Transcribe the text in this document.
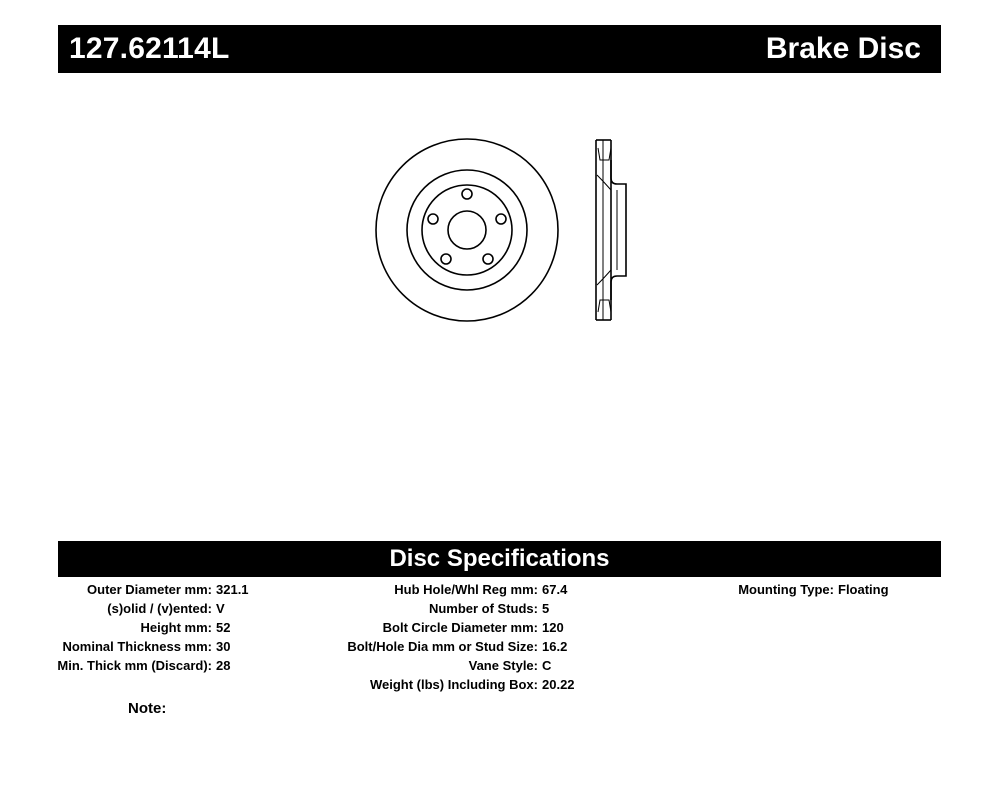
127.62114L	Brake Disc
Disc Specifications
Outer Diameter mm: 321.1
(s)olid / (v)ented: V
Height mm: 52
Nominal Thickness mm: 30
Min. Thick mm (Discard): 28
Hub Hole/Whl Reg mm: 67.4
Number of Studs: 5
Bolt Circle Diameter mm: 120
Bolt/Hole Dia mm or Stud Size: 16.2
Vane Style: C
Weight (lbs) Including Box: 20.22
Mounting Type: Floating
Note:
